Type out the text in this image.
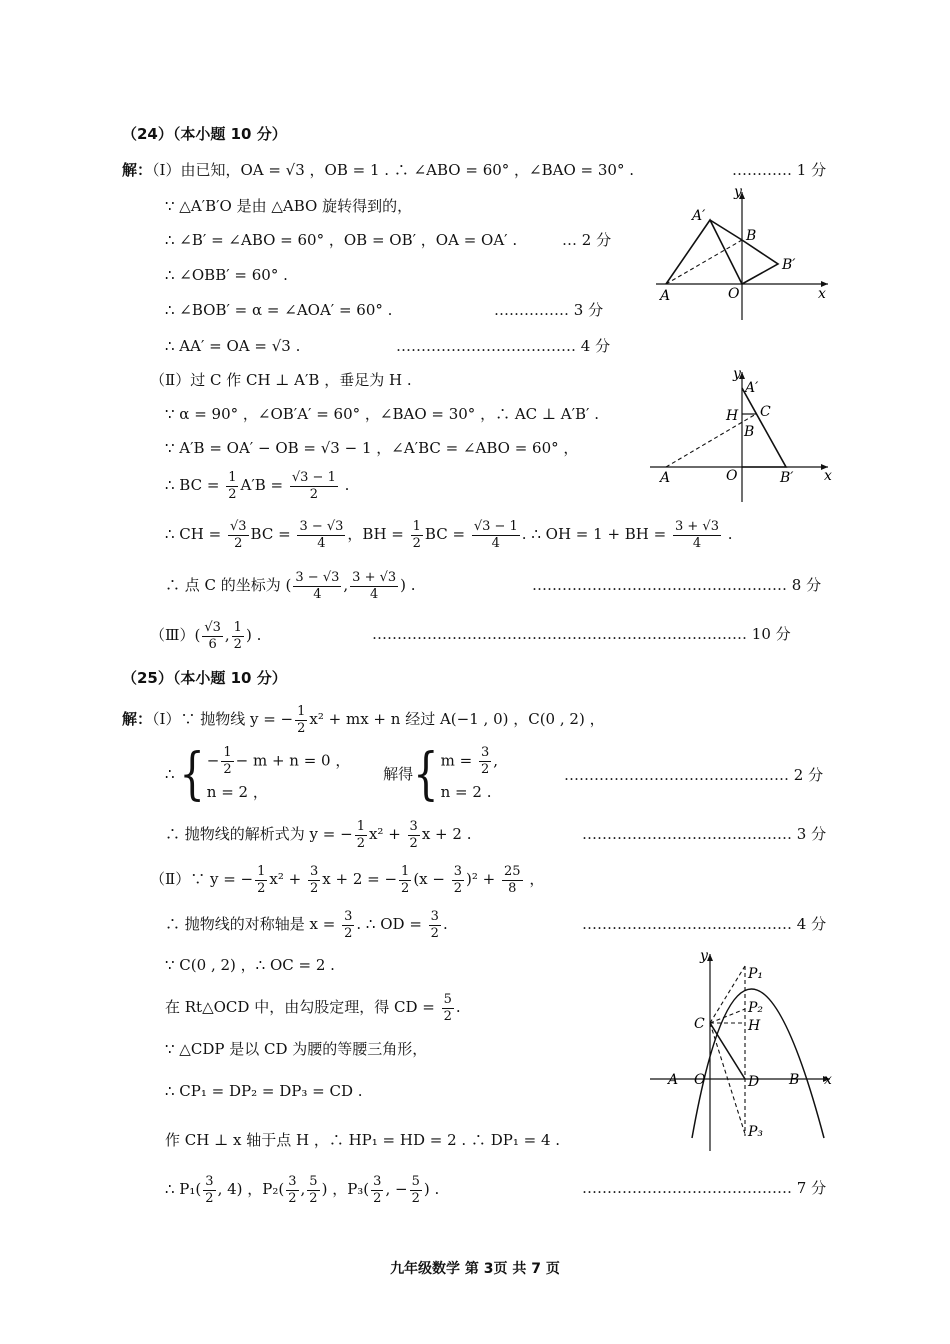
（24）（本小题 10 分）
解：（Ⅰ）由已知，OA = √3 ，OB = 1 . ∴ ∠ABO = 60° ，∠BAO = 30° .	………… 1 分
∵ △A′B′O 是由 △ABO 旋转得到的，
∴ ∠B′ = ∠ABO = 60° ，OB = OB′ ，OA = OA′ .	… 2 分
∴ ∠OBB′ = 60° .
∴ ∠BOB′ = α = ∠AOA′ = 60° .	…………… 3 分
∴ AA′ = OA = √3 .	……………………………… 4 分
y
A′
B
B′
A	O	x
（Ⅱ）过 C 作 CH ⊥ A′B ，垂足为 H .
∵ α = 90° ，∠OB′A′ = 60° ，∠BAO = 30° ，∴ AC ⊥ A′B′ .
∵ A′B = OA′ − OB = √3 − 1 ，∠A′BC = ∠ABO = 60° ，
∴ BC = $\frac{1}{2} A'B = \frac{√3 - 1}{2}$ .
y
A′
H C
B
A	O	B′ x
∴ CH = $\frac{√3}{2}$ BC = $\frac{3 - √3}{4}$ ，BH = $\frac{1}{2}$ BC = $\frac{√3 - 1}{4}$ . ∴ OH = 1 + BH = $\frac{3 + √3}{4}$ .
∴ 点 C 的坐标为 ( $\frac{3 - √3}{4}$ , $\frac{3 + √3}{4}$ ) .	…………………………………………… 8 分
（Ⅲ）( $\frac{√3}{6}$ , $\frac{1}{2}$ ) .	………………………………………………………………… 10 分
（25）（本小题 10 分）
解：（Ⅰ）∵ 抛物线 y = − $\frac{1}{2} x^2$ + mx + n 经过 A(−1 , 0) ，C(0 , 2) ，
∴ { − $\frac{1}{2} - m + n = 0$ ，
n = 2 ，
解得{ $m = \frac{3}{2}$ ,
n = 2 .
……………………………………… 2 分
∴ 抛物线的解析式为 y = − $\frac{1}{2} x^2 + \frac{3}{2}$ x + 2 .	…………………………………… 3 分
（Ⅱ）∵ y = − $\frac{1}{2} x^2 + \frac{3}{2}$ x + 2 = − $\frac{1}{2} (x - \frac{3}{2} )^2 + \frac{25}{8}$ ，
∴ 抛物线的对称轴是 $x = \frac{3}{2}$ . ∴ OD = $\frac{3}{2}$ .	…………………………………… 4 分
∵ C(0 , 2) ，∴ OC = 2 .
在 Rt△OCD 中，由勾股定理，得 CD = $\frac{5}{2}$ .
∵ △CDP 是以 CD 为腰的等腰三角形，
∴ CP₁ = DP₂ = DP₃ = CD .
作 CH ⊥ x 轴于点 H ，∴ HP₁ = HD = 2 . ∴ DP₁ = 4 .
∴ $P_1( \frac{3}{2}$ , 4) ，$P_2( \frac{3}{2}$ , $\frac{5}{2}$ ) ，$P_3( \frac{3}{2}$ , − $\frac{5}{2}$ ) .	…………………………………… 7 分
y
P₁
P₂
H
C
A O	D B x
P₃
九年级数学 第 3页 共 7 页
